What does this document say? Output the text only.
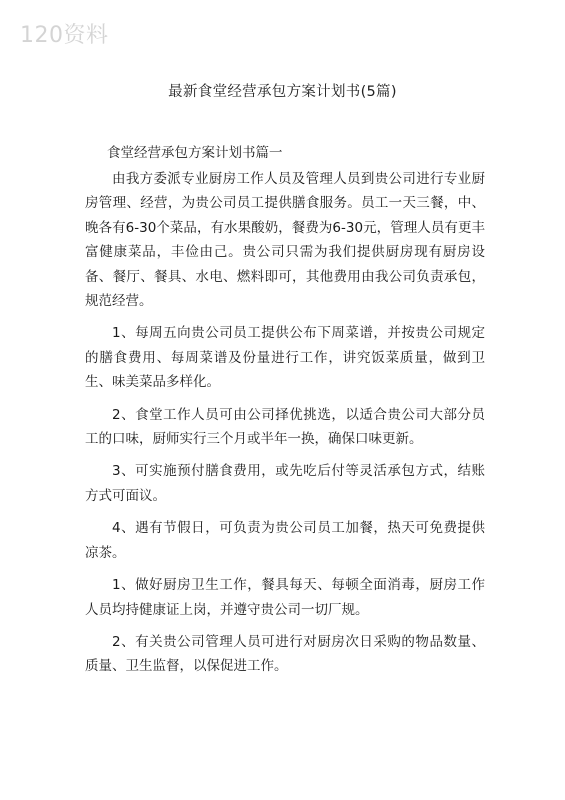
120资料
最新食堂经营承包方案计划书(5篇)
食堂经营承包方案计划书篇一

由我方委派专业厨房工作人员及管理人员到贵公司进行专业厨房管理、经营，为贵公司员工提供膳食服务。员工一天三餐，中、晚各有6-30个菜品，有水果酸奶，餐费为6-30元，管理人员有更丰富健康菜品，丰俭由己。贵公司只需为我们提供厨房现有厨房设备、餐厅、餐具、水电、燃料即可，其他费用由我公司负责承包，规范经营。

1、每周五向贵公司员工提供公布下周菜谱，并按贵公司规定的膳食费用、每周菜谱及份量进行工作，讲究饭菜质量，做到卫生、味美菜品多样化。

2、食堂工作人员可由公司择优挑选，以适合贵公司大部分员工的口味，厨师实行三个月或半年一换，确保口味更新。

3、可实施预付膳食费用，或先吃后付等灵活承包方式，结账方式可面议。

4、遇有节假日，可负责为贵公司员工加餐，热天可免费提供凉茶。

1、做好厨房卫生工作，餐具每天、每顿全面消毒，厨房工作人员均持健康证上岗，并遵守贵公司一切厂规。

2、有关贵公司管理人员可进行对厨房次日采购的物品数量、质量、卫生监督，以保促进工作。
